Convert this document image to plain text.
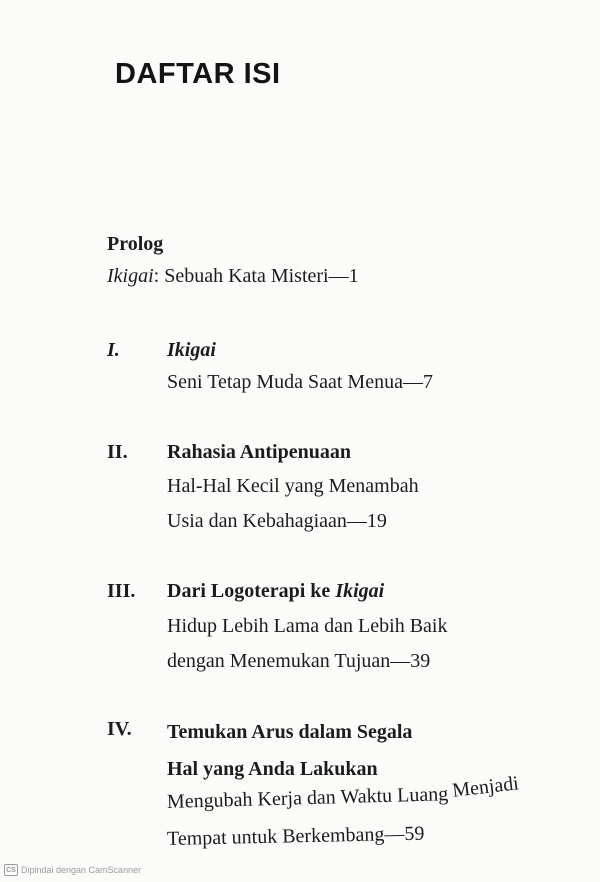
DAFTAR ISI
Prolog
Ikigai: Sebuah Kata Misteri—1
I. Ikigai
Seni Tetap Muda Saat Menua—7
II. Rahasia Antipenuaan
Hal-Hal Kecil yang Menambah
Usia dan Kebahagiaan—19
III. Dari Logoterapi ke Ikigai
Hidup Lebih Lama dan Lebih Baik
dengan Menemukan Tujuan—39
IV. Temukan Arus dalam Segala
Hal yang Anda Lakukan
Mengubah Kerja dan Waktu Luang Menjadi
Tempat untuk Berkembang—59
CS Dipindai dengan CamScanner
